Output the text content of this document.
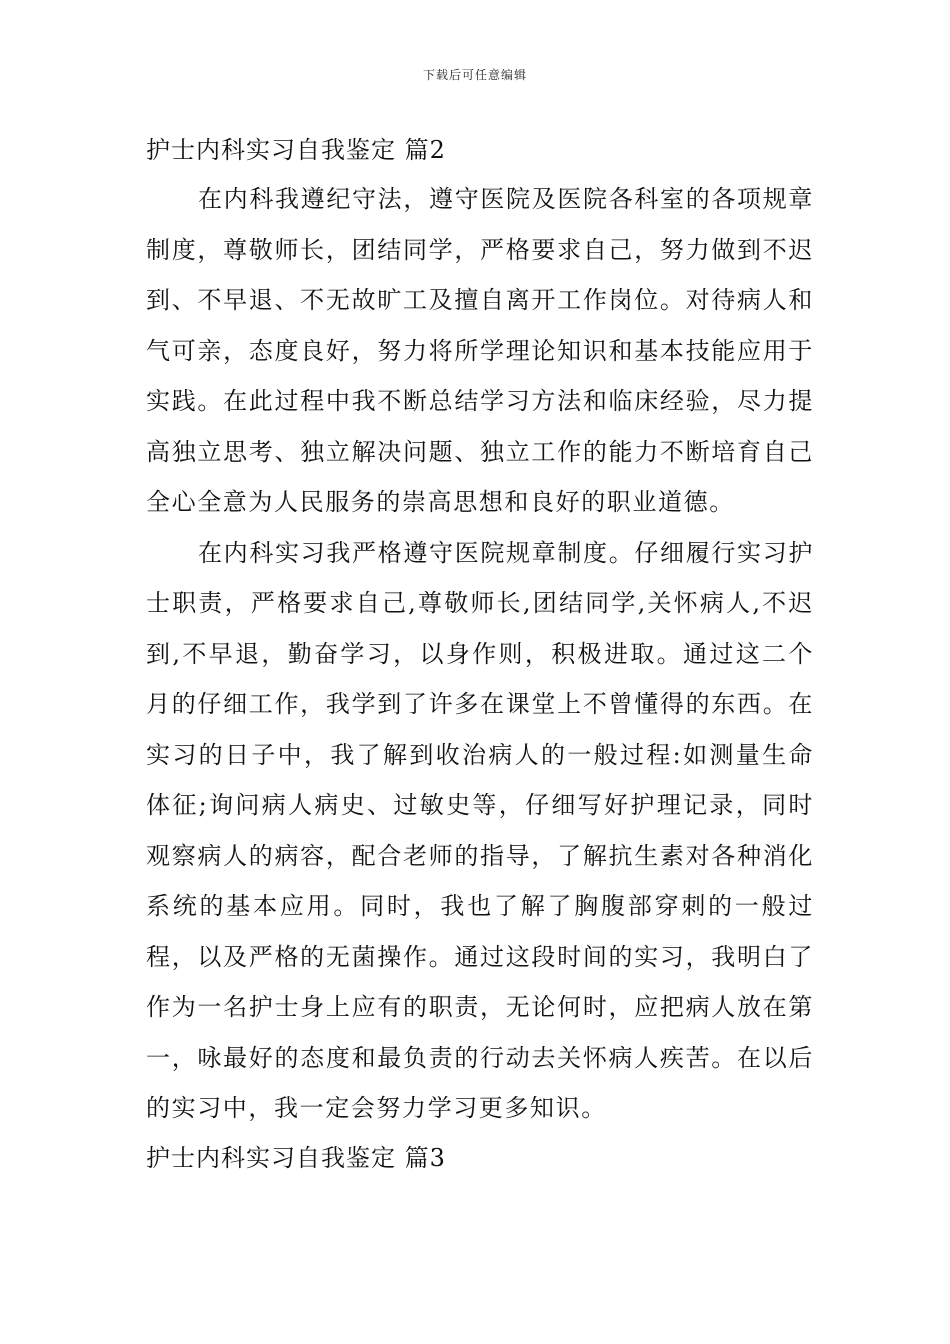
下载后可任意编辑
护士内科实习自我鉴定 篇2

在内科我遵纪守法，遵守医院及医院各科室的各项规章制度，尊敬师长，团结同学，严格要求自己，努力做到不迟到、不早退、不无故旷工及擅自离开工作岗位。对待病人和气可亲，态度良好，努力将所学理论知识和基本技能应用于实践。在此过程中我不断总结学习方法和临床经验，尽力提高独立思考、独立解决问题、独立工作的能力不断培育自己全心全意为人民服务的崇高思想和良好的职业道德。

在内科实习我严格遵守医院规章制度。仔细履行实习护士职责，严格要求自己,尊敬师长,团结同学,关怀病人,不迟到,不早退，勤奋学习，以身作则，积极进取。通过这二个月的仔细工作，我学到了许多在课堂上不曾懂得的东西。在实习的日子中，我了解到收治病人的一般过程:如测量生命体征;询问病人病史、过敏史等，仔细写好护理记录，同时观察病人的病容，配合老师的指导，了解抗生素对各种消化系统的基本应用。同时，我也了解了胸腹部穿刺的一般过程，以及严格的无菌操作。通过这段时间的实习，我明白了作为一名护士身上应有的职责，无论何时，应把病人放在第一，咏最好的态度和最负责的行动去关怀病人疾苦。在以后的实习中，我一定会努力学习更多知识。

护士内科实习自我鉴定 篇3
